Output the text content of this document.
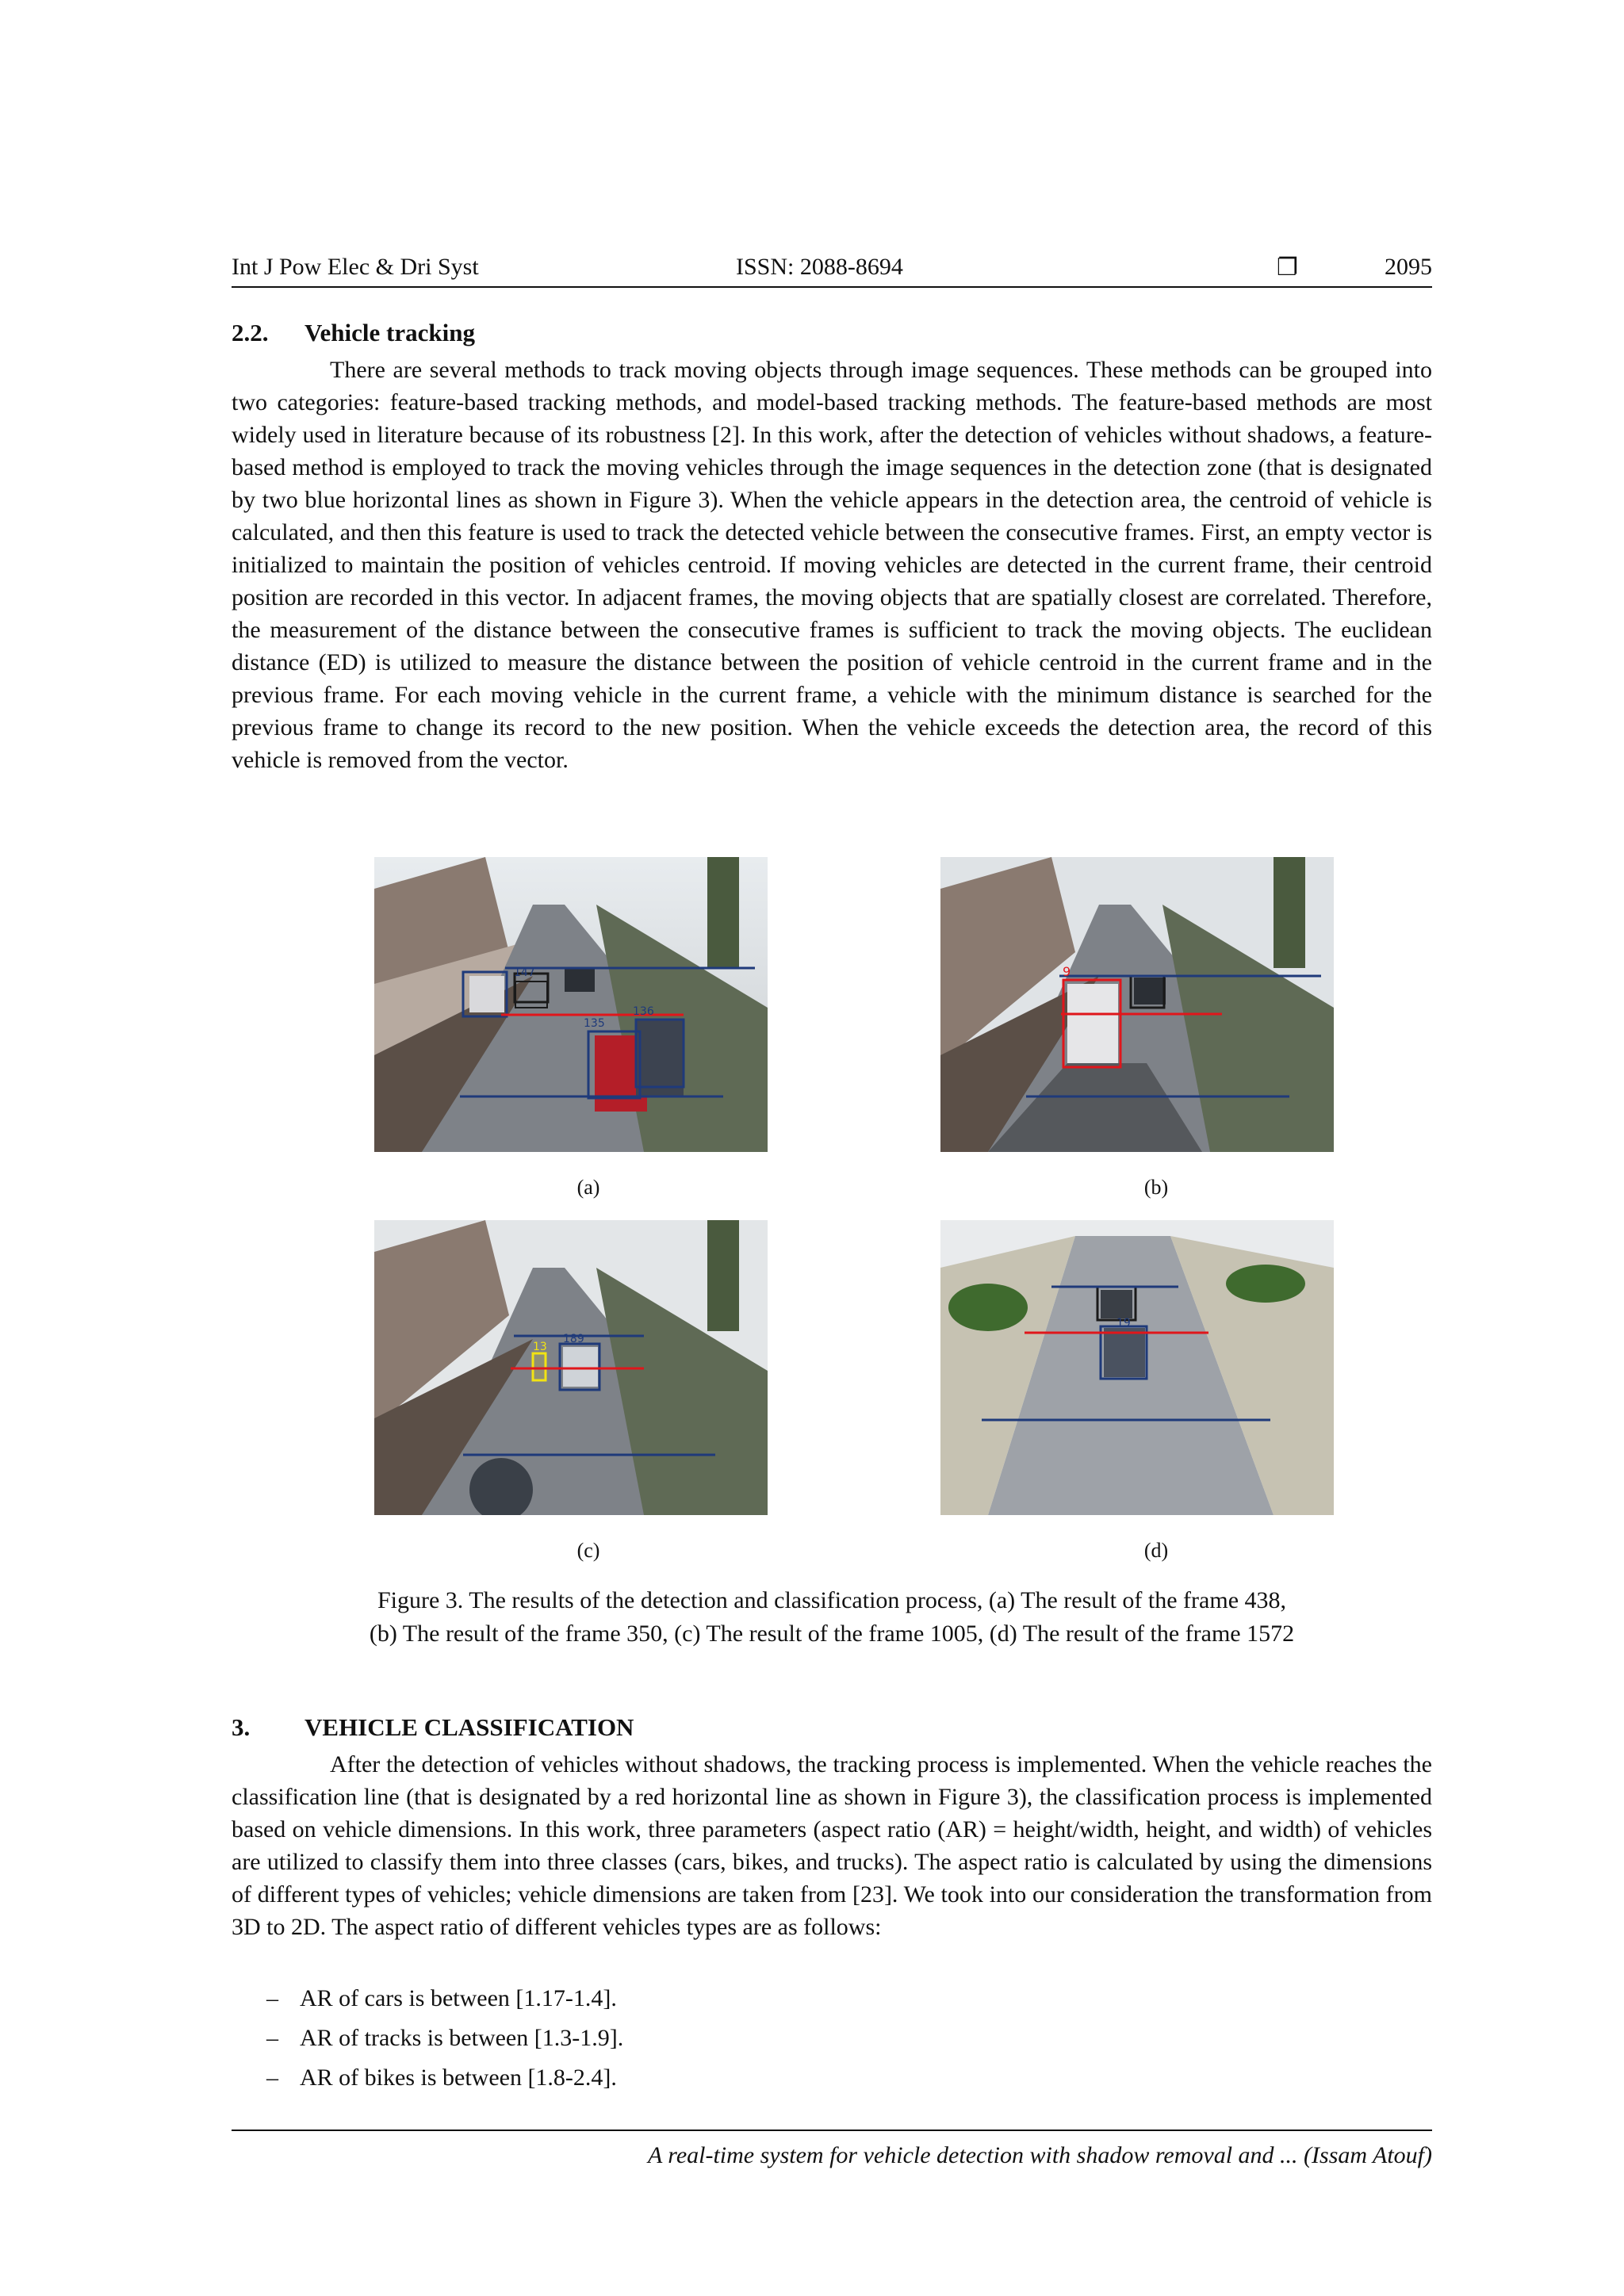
Int J Pow Elec & Dri Syst	ISSN: 2088-8694	❐	2095
2.2. Vehicle tracking

There are several methods to track moving objects through image sequences. These methods can be grouped into two categories: feature-based tracking methods, and model-based tracking methods. The feature-based methods are most widely used in literature because of its robustness [2]. In this work, after the detection of vehicles without shadows, a feature-based method is employed to track the moving vehicles through the image sequences in the detection zone (that is designated by two blue horizontal lines as shown in Figure 3). When the vehicle appears in the detection area, the centroid of vehicle is calculated, and then this feature is used to track the detected vehicle between the consecutive frames. First, an empty vector is initialized to maintain the position of vehicles centroid. If moving vehicles are detected in the current frame, their centroid position are recorded in this vector. In adjacent frames, the moving objects that are spatially closest are correlated. Therefore, the measurement of the distance between the consecutive frames is sufficient to track the moving objects. The euclidean distance (ED) is utilized to measure the distance between the position of vehicle centroid in the current frame and in the previous frame. For each moving vehicle in the current frame, a vehicle with the minimum distance is searched for the previous frame to change its record to the new position. When the vehicle exceeds the detection area, the record of this vehicle is removed from the vector.

147
135
136
(a)
9
(b)
13
189
(c)
19
(d)
Figure 3. The results of the detection and classification process, (a) The result of the frame 438,
(b) The result of the frame 350, (c) The result of the frame 1005, (d) The result of the frame 1572
3. VEHICLE CLASSIFICATION

After the detection of vehicles without shadows, the tracking process is implemented. When the vehicle reaches the classification line (that is designated by a red horizontal line as shown in Figure 3), the classification process is implemented based on vehicle dimensions. In this work, three parameters (aspect ratio (AR) = height/width, height, and width) of vehicles are utilized to classify them into three classes (cars, bikes, and trucks). The aspect ratio is calculated by using the dimensions of different types of vehicles; vehicle dimensions are taken from [23]. We took into our consideration the transformation from 3D to 2D. The aspect ratio of different vehicles types are as follows:

– AR of cars is between [1.17-1.4].
– AR of tracks is between [1.3-1.9].
– AR of bikes is between [1.8-2.4].
A real-time system for vehicle detection with shadow removal and ... (Issam Atouf)
